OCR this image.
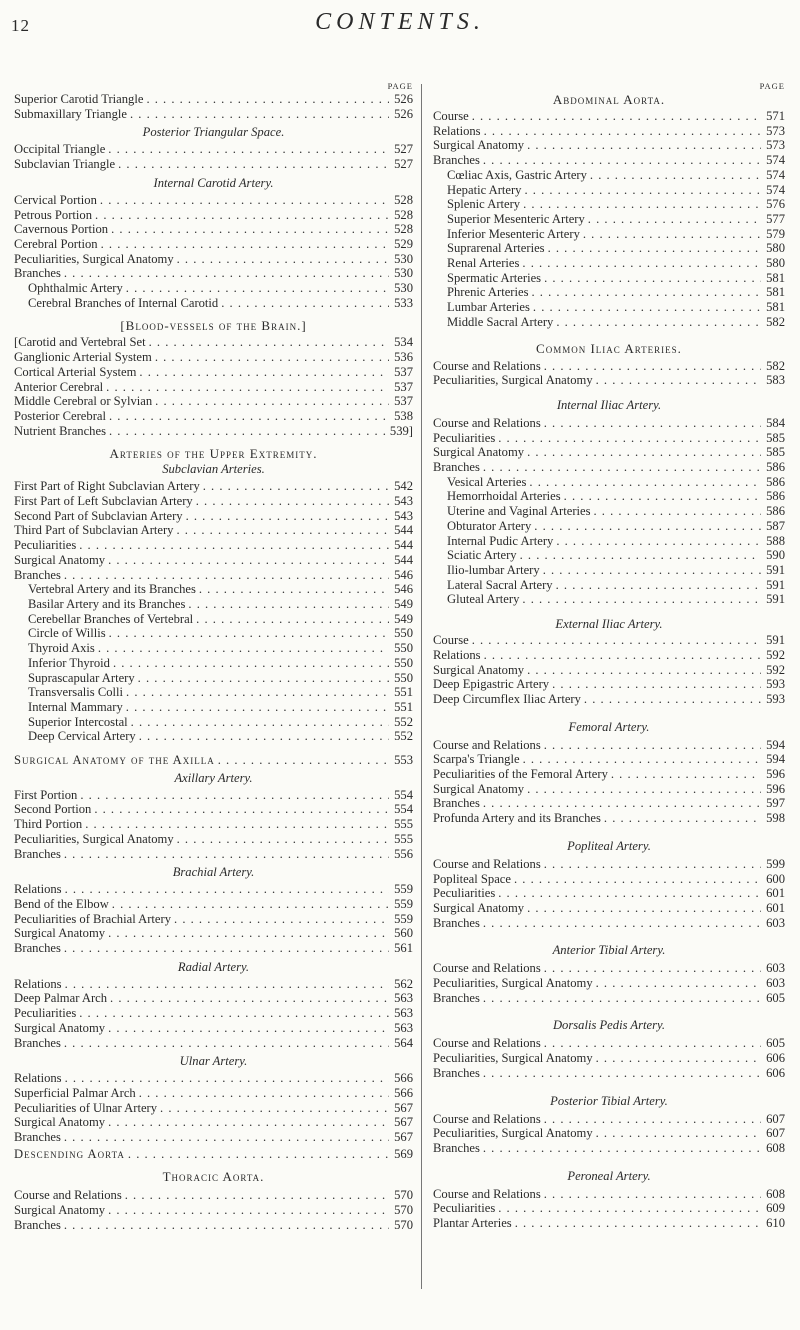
12	CONTENTS.
PAGE
Superior Carotid Triangle . . .	526
Submaxillary Triangle . . .	526
Posterior Triangular Space.
Occipital Triangle . . .	527
Subclavian Triangle . . .	527
Internal Carotid Artery.
Cervical Portion . . .	528
Petrous Portion . . .	528
Cavernous Portion . . .	528
Cerebral Portion . . .	529
Peculiarities, Surgical Anatomy . . .	530
Branches . . .	530
Ophthalmic Artery . . .	530
Cerebral Branches of Internal Carotid . . .	533
[Blood-vessels of the Brain.]
[Carotid and Vertebral Set . . .	534
Ganglionic Arterial System . . .	536
Cortical Arterial System . . .	537
Anterior Cerebral . . .	537
Middle Cerebral or Sylvian . . .	537
Posterior Cerebral . . .	538
Nutrient Branches . . .	539]
Arteries of the Upper Extremity.
Subclavian Arteries.
First Part of Right Subclavian Artery . . .	542
First Part of Left Subclavian Artery . . .	543
Second Part of Subclavian Artery . . .	543
Third Part of Subclavian Artery . . .	544
Peculiarities . . .	544
Surgical Anatomy . . .	544
Branches . . .	546
Vertebral Artery and its Branches . . .	546
Basilar Artery and its Branches . . .	549
Cerebellar Branches of Vertebral . . .	549
Circle of Willis . . .	550
Thyroid Axis . . .	550
Inferior Thyroid . . .	550
Suprascapular Artery . . .	550
Transversalis Colli . . .	551
Internal Mammary . . .	551
Superior Intercostal . . .	552
Deep Cervical Artery . . .	552
Surgical Anatomy of the Axilla . . .	553
Axillary Artery.
First Portion . . .	554
Second Portion . . .	554
Third Portion . . .	555
Peculiarities, Surgical Anatomy . . .	555
Branches . . .	556
Brachial Artery.
Relations . . .	559
Bend of the Elbow . . .	559
Peculiarities of Brachial Artery . . .	559
Surgical Anatomy . . .	560
Branches . . .	561
Radial Artery.
Relations . . .	562
Deep Palmar Arch . . .	563
Peculiarities . . .	563
Surgical Anatomy . . .	563
Branches . . .	564
Ulnar Artery.
Relations . . .	566
Superficial Palmar Arch . . .	566
Peculiarities of Ulnar Artery . . .	567
Surgical Anatomy . . .	567
Branches . . .	567
Descending Aorta . . .	569
Thoracic Aorta.
Course and Relations . . .	570
Surgical Anatomy . . .	570
Branches . . .	570
PAGE
Abdominal Aorta.
Course . . .	571
Relations . . .	573
Surgical Anatomy . . .	573
Branches . . .	574
Cœliac Axis, Gastric Artery . . .	574
Hepatic Artery . . .	574
Splenic Artery . . .	576
Superior Mesenteric Artery . . .	577
Inferior Mesenteric Artery . . .	579
Suprarenal Arteries . . .	580
Renal Arteries . . .	580
Spermatic Arteries . . .	581
Phrenic Arteries . . .	581
Lumbar Arteries . . .	581
Middle Sacral Artery . . .	582
Common Iliac Arteries.
Course and Relations . . .	582
Peculiarities, Surgical Anatomy . . .	583
Internal Iliac Artery.
Course and Relations . . .	584
Peculiarities . . .	585
Surgical Anatomy . . .	585
Branches . . .	586
Vesical Arteries . . .	586
Hemorrhoidal Arteries . . .	586
Uterine and Vaginal Arteries . . .	586
Obturator Artery . . .	587
Internal Pudic Artery . . .	588
Sciatic Artery . . .	590
Ilio-lumbar Artery . . .	591
Lateral Sacral Artery . . .	591
Gluteal Artery . . .	591
External Iliac Artery.
Course . . .	591
Relations . . .	592
Surgical Anatomy . . .	592
Deep Epigastric Artery . . .	593
Deep Circumflex Iliac Artery . . .	593
Femoral Artery.
Course and Relations . . .	594
Scarpa's Triangle . . .	594
Peculiarities of the Femoral Artery . . .	596
Surgical Anatomy . . .	596
Branches . . .	597
Profunda Artery and its Branches . . .	598
Popliteal Artery.
Course and Relations . . .	599
Popliteal Space . . .	600
Peculiarities . . .	601
Surgical Anatomy . . .	601
Branches . . .	603
Anterior Tibial Artery.
Course and Relations . . .	603
Peculiarities, Surgical Anatomy . . .	603
Branches . . .	605
Dorsalis Pedis Artery.
Course and Relations . . .	605
Peculiarities, Surgical Anatomy . . .	606
Branches . . .	606
Posterior Tibial Artery.
Course and Relations . . .	607
Peculiarities, Surgical Anatomy . . .	607
Branches . . .	608
Peroneal Artery.
Course and Relations . . .	608
Peculiarities . . .	609
Plantar Arteries . . .	610
